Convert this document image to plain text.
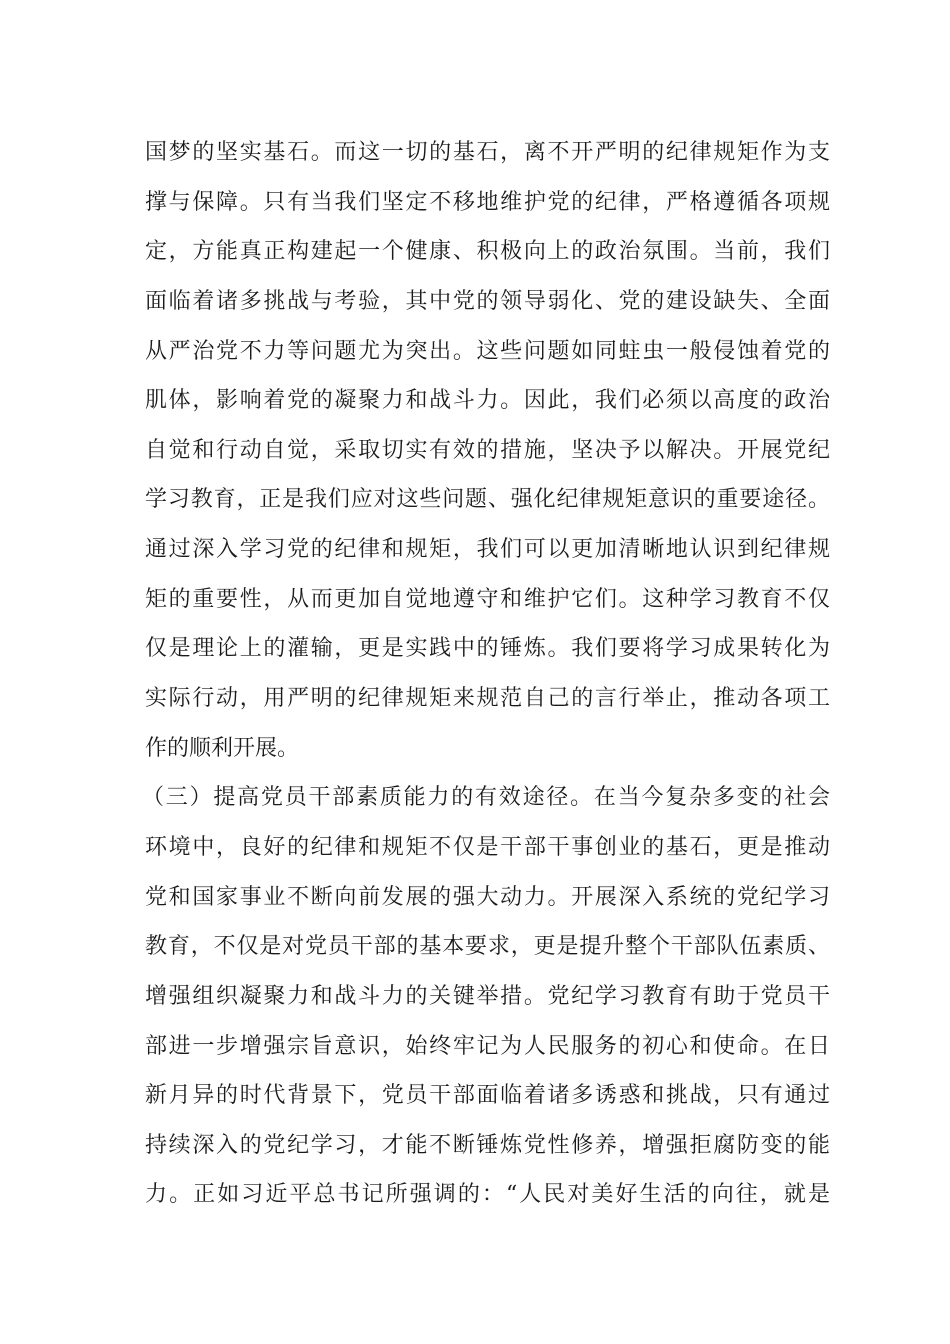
国梦的坚实基石。而这一切的基石，离不开严明的纪律规矩作为支
撑与保障。只有当我们坚定不移地维护党的纪律，严格遵循各项规
定，方能真正构建起一个健康、积极向上的政治氛围。当前，我们
面临着诸多挑战与考验，其中党的领导弱化、党的建设缺失、全面
从严治党不力等问题尤为突出。这些问题如同蛀虫一般侵蚀着党的
肌体，影响着党的凝聚力和战斗力。因此，我们必须以高度的政治
自觉和行动自觉，采取切实有效的措施，坚决予以解决。开展党纪
学习教育，正是我们应对这些问题、强化纪律规矩意识的重要途径。
通过深入学习党的纪律和规矩，我们可以更加清晰地认识到纪律规
矩的重要性，从而更加自觉地遵守和维护它们。这种学习教育不仅
仅是理论上的灌输，更是实践中的锤炼。我们要将学习成果转化为
实际行动，用严明的纪律规矩来规范自己的言行举止，推动各项工
作的顺利开展。
（三）提高党员干部素质能力的有效途径。在当今复杂多变的社会
环境中，良好的纪律和规矩不仅是干部干事创业的基石，更是推动
党和国家事业不断向前发展的强大动力。开展深入系统的党纪学习
教育，不仅是对党员干部的基本要求，更是提升整个干部队伍素质、
增强组织凝聚力和战斗力的关键举措。党纪学习教育有助于党员干
部进一步增强宗旨意识，始终牢记为人民服务的初心和使命。在日
新月异的时代背景下，党员干部面临着诸多诱惑和挑战，只有通过
持续深入的党纪学习，才能不断锤炼党性修养，增强拒腐防变的能
力。正如习近平总书记所强调的：“人民对美好生活的向往，就是
